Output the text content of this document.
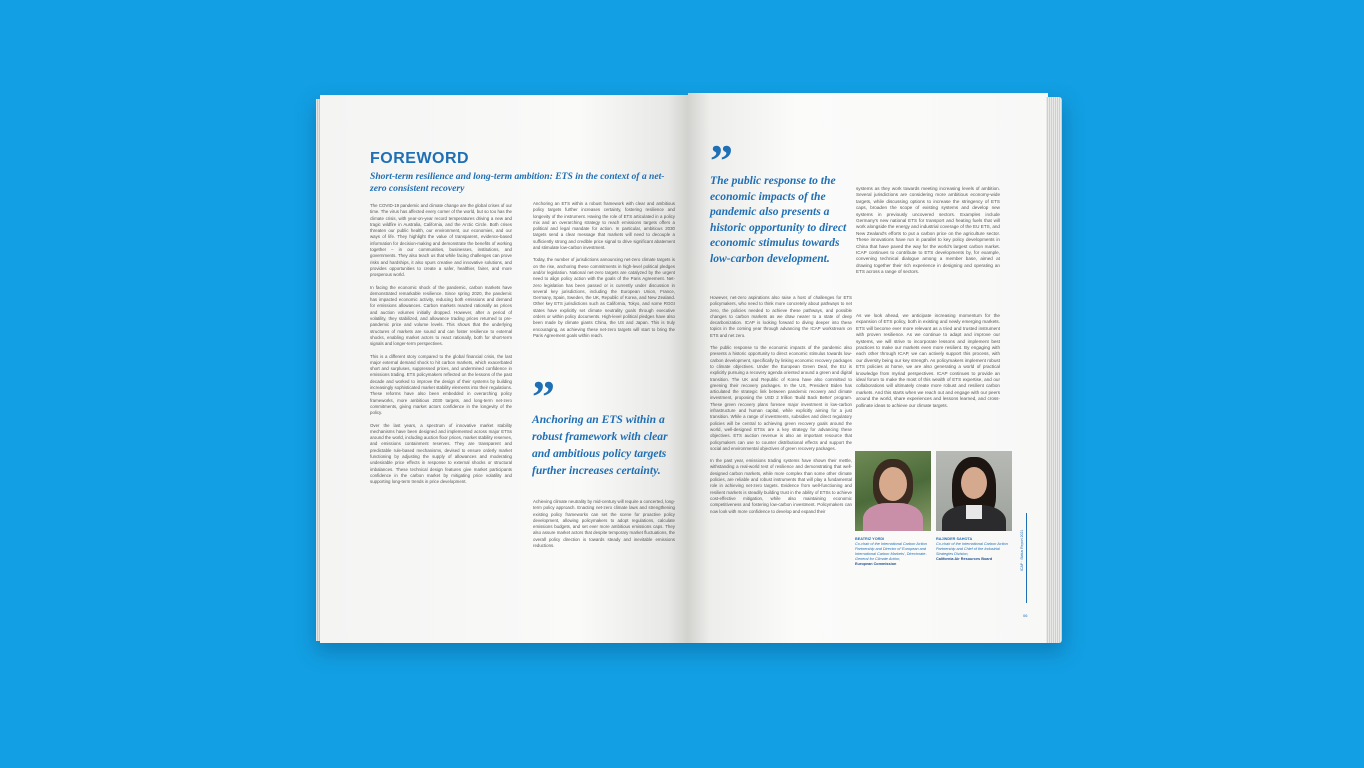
FOREWORD
Short-term resilience and long-term ambition: ETS in the context of a net-zero consistent recovery

The COVID-19 pandemic and climate change are the global crises of our time. The virus has affected every corner of the world, but so too has the climate crisis, with year-on-year record temperatures driving a new and tragic wildfire in Australia, California, and the Arctic Circle. Both crises threaten our public health, our environment, our economies, and our ways of life. They highlight the value of transparent, evidence-based information for decision-making and demonstrate the benefits of working together – in our communities, businesses, institutions, and governments. They also teach us that while facing challenges can prove risks and hardships, it also spurs creative and innovative solutions, and provides opportunities to create a safer, healthier, fairer, and more prosperous world.

In facing the economic shock of the pandemic, carbon markets have demonstrated remarkable resilience. Since spring 2020, the pandemic has impacted economic activity, reducing both emissions and demand for emissions allowances. Carbon markets reacted rationally as prices and auction volumes initially dropped. However, after a period of volatility, they stabilized, and allowance trading prices returned to pre-pandemic price and volume levels. This shows that the underlying structures of markets are sound and can foster resilience to external shocks, enabling market actors to react rationally, both for short-term signals and longer-term perspectives.

This is a different story compared to the global financial crisis, the last major external demand shock to hit carbon markets, which exacerbated short and surpluses, suppressed prices, and undermined confidence in emissions trading. ETS policymakers reflected on the lessons of the past decade and worked to improve the design of their systems by building increasingly sophisticated market stability elements into their regulations. These reforms have also been embedded in overarching policy frameworks, more ambitious 2030 targets, and long-term net-zero commitments, giving market actors confidence in the longevity of the policy.

Over the last years, a spectrum of innovative market stability mechanisms have been designed and implemented across major ETSs around the world, including auction floor prices, market stability reserves, and emissions containment reserves. They are transparent and predictable rule-based mechanisms, devised to ensure orderly market functioning by adjusting the supply of allowances and moderating undesirable price effects in response to external shocks or structural imbalances. These technical design features give market participants confidence in the carbon market by mitigating price volatility and supporting long-term trends in price development.

Anchoring an ETS within a robust framework with clear and ambitious policy targets further increases certainty, fostering resilience and longevity of the instrument. Having the role of ETS articulated in a policy mix and an overarching strategy to reach emissions targets offers a political and legal mandate for action. In particular, ambitious 2030 targets send a clear message that markets will need to decouple a sufficiently strong and credible price signal to drive significant abatement and stimulate low-carbon investment.

Today, the number of jurisdictions announcing net-zero climate targets is on the rise, anchoring these commitments in high-level political pledges and/or legislation. National net-zero targets are catalyzed by the urgent need to align policy action with the goals of the Paris Agreement. Net-zero legislation has been passed or is currently under discussion in several key jurisdictions, including the European Union, France, Germany, Spain, Sweden, the UK, Republic of Korea, and New Zealand. Other key ETS jurisdictions such as California, Tokyo, and some RGGI states have explicitly set climate neutrality goals through executive orders or within policy documents. High-level political pledges have also been made by climate giants China, the US and Japan. This is truly encouraging, as achieving these net-zero targets will start to bring the Paris Agreement goals within reach.

”
Anchoring an ETS within a robust framework with clear and ambitious policy targets further increases certainty.

Achieving climate neutrality by mid-century will require a concerted, long-term policy approach. Enacting net-zero climate laws and strengthening existing policy frameworks can set the scene for proactive policy development, allowing policymakers to adopt regulations, calculate emissions budgets, and set ever more ambitious emissions caps. They also assure market actors that despite temporary market fluctuations, the overall policy direction is towards steady and inevitable emissions reductions.

”
The public response to the economic impacts of the pandemic also presents a historic opportunity to direct economic stimulus towards low-carbon development.

However, net-zero aspirations also raise a host of challenges for ETS policymakers, who need to think more concretely about pathways to net zero, the policies needed to achieve these pathways, and possible changes to carbon markets as we draw nearer to a state of deep decarbonization. ICAP is looking forward to diving deeper into these topics in the coming year through advancing the ICAP workstream on ETS and net zero.

The public response to the economic impacts of the pandemic also presents a historic opportunity to direct economic stimulus towards low-carbon development, specifically by linking economic recovery packages to climate objectives. Under the European Green Deal, the EU is explicitly pursuing a recovery agenda oriented around a green and digital transition. The UK and Republic of Korea have also committed to greening their recovery packages. In the US, President Biden has articulated the strategic link between pandemic recovery and climate investment, proposing the USD 2 trillion 'Build Back Better' program. These green recovery plans foresee major investment in low-carbon infrastructure and human capital, while explicitly aiming for a just transition. While a range of investments, subsidies and direct regulatory policies will be central to achieving green recovery goals around the world, well-designed ETSs are a key strategy for advancing these objectives. ETS auction revenue is also an important resource that policymakers can use to counter distributional effects and support the social and environmental objectives of green recovery packages.

In the past year, emissions trading systems have shown their mettle, withstanding a real-world test of resilience and demonstrating that well-designed carbon markets, while more complex than some other climate policies, are reliable and robust instruments that will play a fundamental role in achieving net-zero targets. Evidence from well-functioning and resilient markets is steadily building trust in the ability of ETSs to achieve cost-effective mitigation, while also maintaining economic competitiveness and fostering low-carbon investment. Policymakers can now look with more confidence to develop and expand their

systems as they work towards meeting increasing levels of ambition. Several jurisdictions are considering more ambitious economy-wide targets, while discussing options to increase the stringency of ETS caps, broaden the scope of existing systems and develop new systems in previously uncovered sectors. Examples include Germany's new national ETS for transport and heating fuels that will work alongside the energy and industrial coverage of the EU ETS, and New Zealand's efforts to put a carbon price on the agriculture sector. These innovations have run in parallel to key policy developments in China that have paved the way for the world's largest carbon market. ICAP continues to contribute to ETS developments by, for example, convening technical dialogue among a member base, aimed at drawing together their rich experience in designing and operating an ETS across a range of sectors.

As we look ahead, we anticipate increasing momentum for the expansion of ETS policy, both in existing and newly emerging markets. ETS will become ever more relevant as a tried and trusted instrument with proven resilience. As we continue to adapt and improve our systems, we will strive to incorporate lessons and implement best practices to make our markets even more resilient. By engaging with each other through ICAP, we can actively support this process, with our diversity being our key strength. As policymakers implement robust ETS policies at home, we are also generating a world of practical knowledge from myriad perspectives. ICAP continues to provide an ideal forum to make the most of this wealth of ETS expertise, and our collaborations will ultimately create more robust and resilient carbon markets. And this starts when we reach out and engage with our peers around the world, share experiences and lessons learned, and cross-pollinate ideas to achieve our climate targets.

BEATRIZ YORDI
Co-chair of the International Carbon Action Partnership and Director of 'European and International Carbon Markets', Directorate-General for Climate Action,
European Commission
RAJINDER SAHOTA
Co-chair of the International Carbon Action Partnership and Chief of the Industrial Strategies Division,
California Air Resources Board	ICAP · Status Report 2021
06
